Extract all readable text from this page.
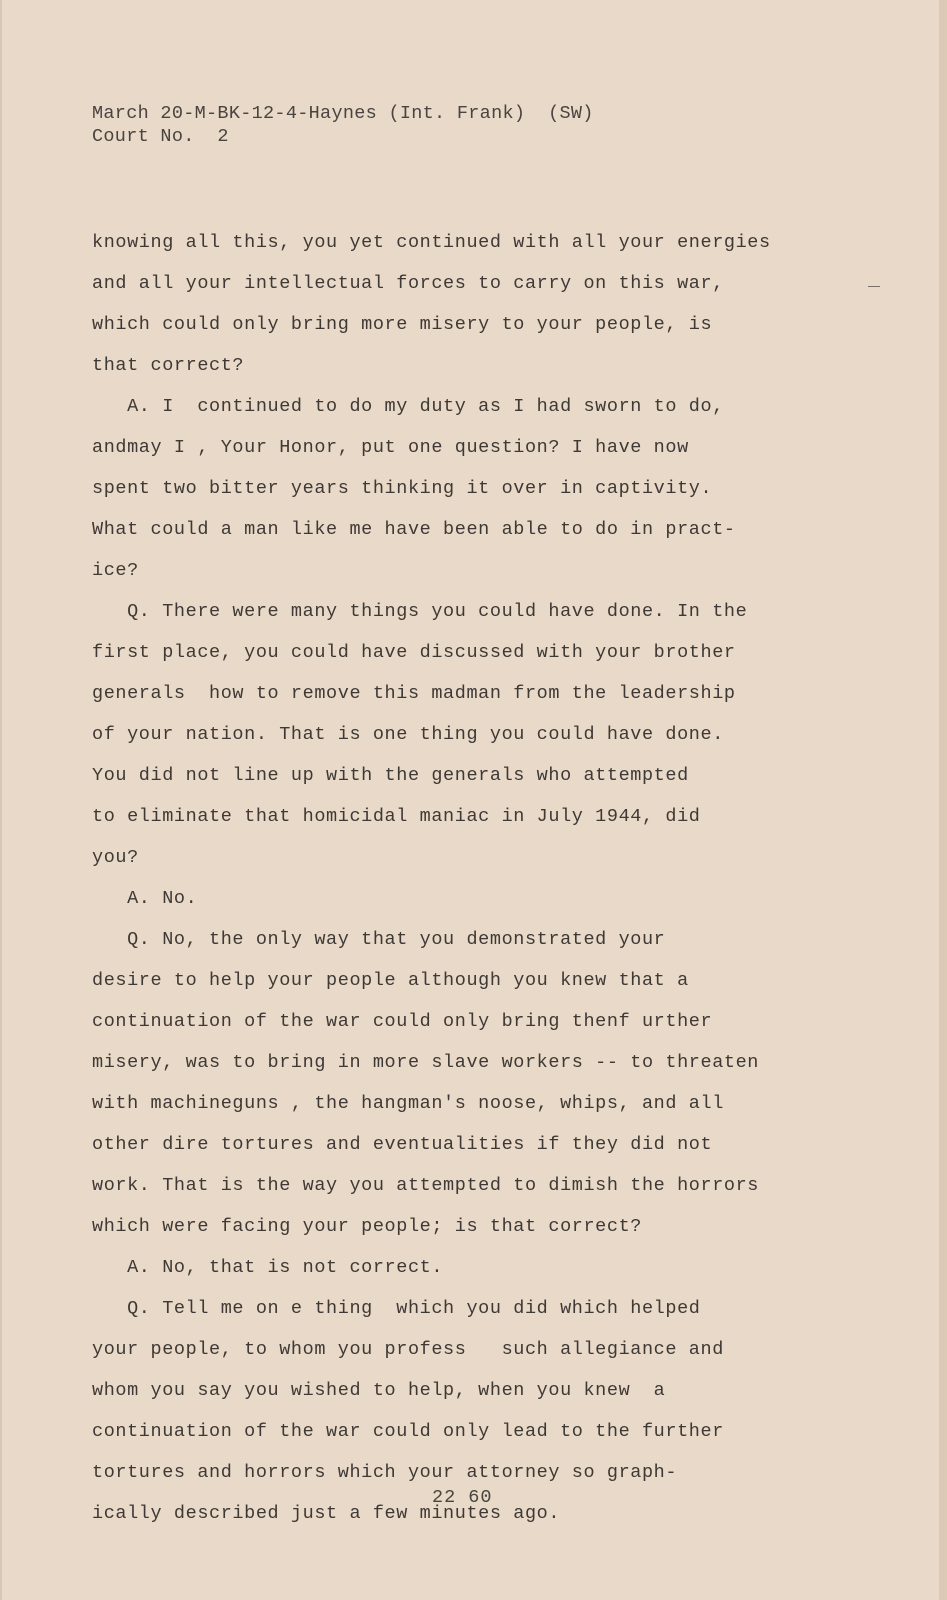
March 20-M-BK-12-4-Haynes (Int. Frank)  (SW)
Court No.  2
knowing all this, you yet continued with all your energies
and all your intellectual forces to carry on this war,
which could only bring more misery to your people, is
that correct?
A. I  continued to do my duty as I had sworn to do,
andmay I , Your Honor, put one question? I have now
spent two bitter years thinking it over in captivity.
What could a man like me have been able to do in pract-
ice?
Q. There were many things you could have done. In the
first place, you could have discussed with your brother
generals  how to remove this madman from the leadership
of your nation. That is one thing you could have done.
You did not line up with the generals who attempted
to eliminate that homicidal maniac in July 1944, did
you?
A. No.
Q. No, the only way that you demonstrated your
desire to help your people although you knew that a
continuation of the war could only bring thenf urther
misery, was to bring in more slave workers -- to threaten
with machineguns , the hangman's noose, whips, and all
other dire tortures and eventualities if they did not
work. That is the way you attempted to dimish the horrors
which were facing your people; is that correct?
A. No, that is not correct.
Q. Tell me on e thing  which you did which helped
your people, to whom you profess   such allegiance and
whom you say you wished to help, when you knew  a
continuation of the war could only lead to the further
tortures and horrors which your attorney so graph-
ically described just a few minutes ago.
22 60
